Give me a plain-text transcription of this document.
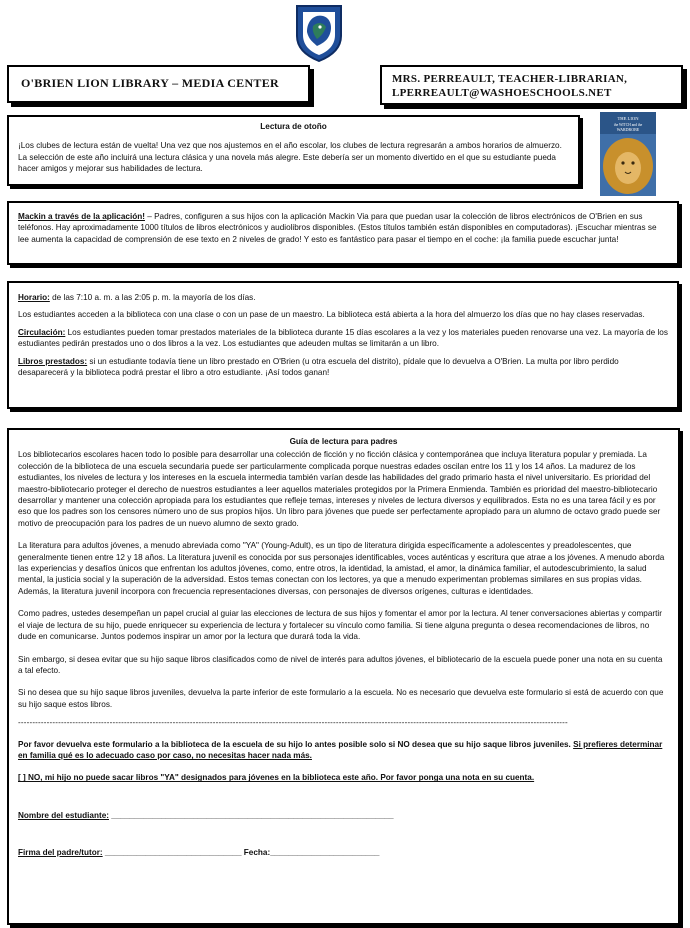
O'BRIEN LION LIBRARY – MEDIA CENTER	MRS. PERREAULT, TEACHER-LIBRARIAN,
LPERREAULT@WASHOESCHOOLS.NET
Lectura de otoño

¡Los clubes de lectura están de vuelta! Una vez que nos ajustemos en el año escolar, los clubes de lectura regresarán a ambos horarios de almuerzo. La selección de este año incluirá una lectura clásica y una novela más alegre. Este debería ser un momento divertido en el que su estudiante pueda hacer amigos y mejorar sus habilidades de lectura.

THE LION
the WITCH and the
WARDROBE

Mackin a través de la aplicación! – Padres, configuren a sus hijos con la aplicación Mackin Via para que puedan usar la colección de libros electrónicos de O'Brien en sus teléfonos. Hay aproximadamente 1000 títulos de libros electrónicos y audiolibros disponibles. (Estos títulos también están disponibles en computadoras). ¡Escuchar mientras se lee aumenta la capacidad de comprensión de ese texto en 2 niveles de grado! Y esto es fantástico para pasar el tiempo en el coche: ¡la familia puede escuchar junta!

Horario: de las 7:10 a. m. a las 2:05 p. m. la mayoría de los días.

Los estudiantes acceden a la biblioteca con una clase o con un pase de un maestro. La biblioteca está abierta a la hora del almuerzo los días que no hay clases reservadas.

Circulación: Los estudiantes pueden tomar prestados materiales de la biblioteca durante 15 días escolares a la vez y los materiales pueden renovarse una vez. La mayoría de los estudiantes pedirán prestados uno o dos libros a la vez. Los estudiantes que adeuden multas se limitarán a un libro.

Libros prestados: si un estudiante todavía tiene un libro prestado en O'Brien (u otra escuela del distrito), pídale que lo devuelva a O'Brien. La multa por libro perdido desaparecerá y la biblioteca podrá prestar el libro a otro estudiante. ¡Así todos ganan!

Guía de lectura para padres

Los bibliotecarios escolares hacen todo lo posible para desarrollar una colección de ficción y no ficción clásica y contemporánea que incluya literatura popular y premiada. La colección de la biblioteca de una escuela secundaria puede ser particularmente complicada porque nuestras edades oscilan entre los 11 y los 14 años. La madurez de los estudiantes, los niveles de lectura y los intereses en la escuela intermedia también varían desde las habilidades del grado primario hasta el nivel universitario. Es prioridad del maestro-bibliotecario proteger el derecho de nuestros estudiantes a leer aquellos materiales protegidos por la Primera Enmienda. También es prioridad del maestro-bibliotecario desarrollar y mantener una colección apropiada para los estudiantes que refleje temas, intereses y niveles de lectura diversos y equilibrados. Esta no es una tarea fácil y es por eso que los padres son los censores número uno de sus propios hijos. Un libro para jóvenes que puede ser perfectamente apropiado para un alumno de octavo grado puede ser motivo de preocupación para los padres de un nuevo alumno de sexto grado.

La literatura para adultos jóvenes, a menudo abreviada como "YA" (Young-Adult), es un tipo de literatura dirigida específicamente a adolescentes y preadolescentes, que generalmente tienen entre 12 y 18 años. La literatura juvenil es conocida por sus personajes identificables, voces auténticas y escritura que atrae a los jóvenes. A menudo aborda las experiencias y desafíos únicos que enfrentan los adultos jóvenes, como, entre otros, la identidad, la amistad, el amor, la dinámica familiar, el autodescubrimiento, la salud mental, la justicia social y la superación de la adversidad. Estos temas conectan con los lectores, ya que a menudo experimentan problemas similares en sus propias vidas. Además, la literatura juvenil incorpora con frecuencia representaciones diversas, con personajes de diversos orígenes, culturas e identidades.

Como padres, ustedes desempeñan un papel crucial al guiar las elecciones de lectura de sus hijos y fomentar el amor por la lectura. Al tener conversaciones abiertas y compartir el viaje de lectura de su hijo, puede enriquecer su experiencia de lectura y fortalecer su vínculo como familia. Si tiene alguna pregunta o desea recomendaciones de libros, no dude en comunicarse. Juntos podemos inspirar un amor por la lectura que durará toda la vida.

Sin embargo, si desea evitar que su hijo saque libros clasificados como de nivel de interés para adultos jóvenes, el bibliotecario de la escuela puede poner una nota en su cuenta a tal efecto.

Si no desea que su hijo saque libros juveniles, devuelva la parte inferior de este formulario a la escuela. No es necesario que devuelva este formulario si está de acuerdo con que su hijo saque estos libros.

------------------------------------------------------------------------------------------------------------------------------------------------------------------------------------------------

Por favor devuelva este formulario a la biblioteca de la escuela de su hijo lo antes posible solo si NO desea que su hijo saque libros juveniles. Si prefieres determinar en familia qué es lo adecuado caso por caso, no necesitas hacer nada más.

[ ] NO, mi hijo no puede sacar libros "YA" designados para jóvenes en la biblioteca este año. Por favor ponga una nota en su cuenta.

Nombre del estudiante: ______________________________________________________________

Firma del padre/tutor: ______________________________ Fecha:________________________
